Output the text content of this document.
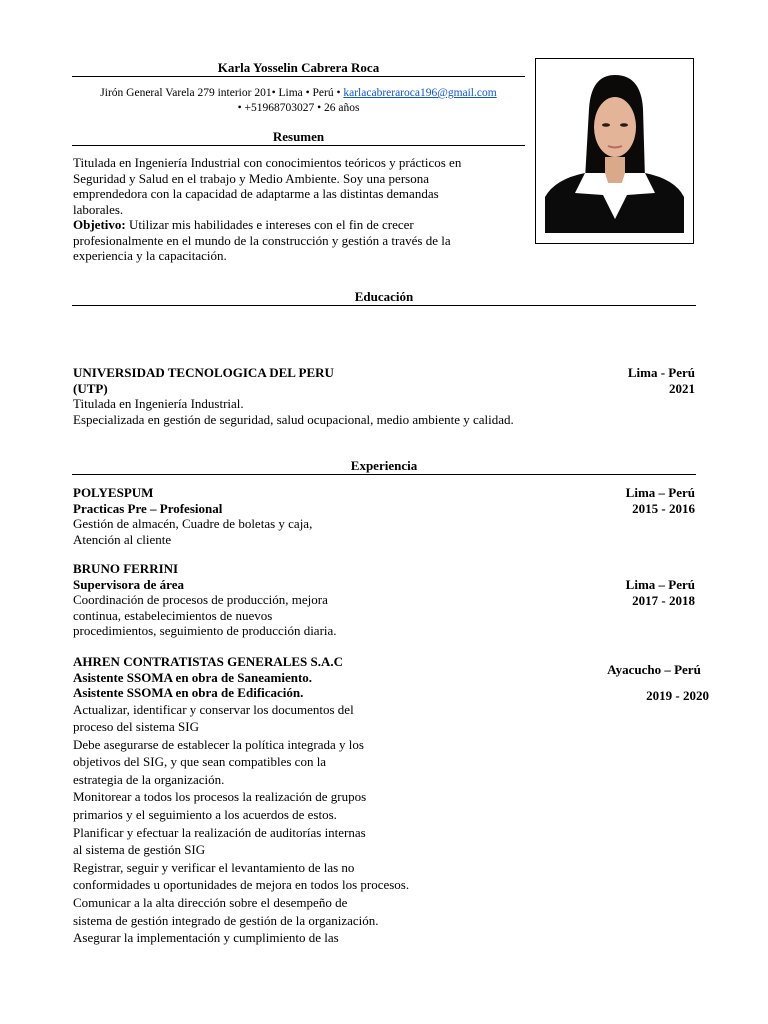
Karla Yosselin Cabrera Roca
Jirón General Varela 279 interior 201• Lima • Perú • karlacabreraroca196@gmail.com
• +51968703027 • 26 años
Resumen
Titulada en Ingeniería Industrial con conocimientos teóricos y prácticos en
Seguridad y Salud en el trabajo y Medio Ambiente. Soy una persona
emprendedora con la capacidad de adaptarme a las distintas demandas
laborales.
Objetivo: Utilizar mis habilidades e intereses con el fin de crecer
profesionalmente en el mundo de la construcción y gestión a través de la
experiencia y la capacitación.
Educación
UNIVERSIDAD TECNOLOGICA DEL PERU
(UTP)
Lima - Perú
2021
Titulada en Ingeniería Industrial.
Especializada en gestión de seguridad, salud ocupacional, medio ambiente y calidad.
Experiencia
POLYESPUM
Practicas Pre – Profesional
Gestión de almacén, Cuadre de boletas y caja,
Atención al cliente
Lima – Perú
2015 - 2016
BRUNO FERRINI
Supervisora de área
Coordinación de procesos de producción, mejora
continua, estabelecimientos de nuevos
procedimientos, seguimiento de producción diaria.
Lima – Perú
2017 - 2018
AHREN CONTRATISTAS GENERALES S.A.C
Asistente SSOMA en obra de Saneamiento.
Asistente SSOMA en obra de Edificación.
Actualizar, identificar y conservar los documentos del
proceso del sistema SIG
Debe asegurarse de establecer la política integrada y los
objetivos del SIG, y que sean compatibles con la
estrategia de la organización.
Monitorear a todos los procesos la realización de grupos
primarios y el seguimiento a los acuerdos de estos.
Planificar y efectuar la realización de auditorías internas
al sistema de gestión SIG
Registrar, seguir y verificar el levantamiento de las no
conformidades u oportunidades de mejora en todos los procesos.
Comunicar a la alta dirección sobre el desempeño de
sistema de gestión integrado de gestión de la organización.
Asegurar la implementación y cumplimiento de las
Ayacucho – Perú
2019 - 2020
